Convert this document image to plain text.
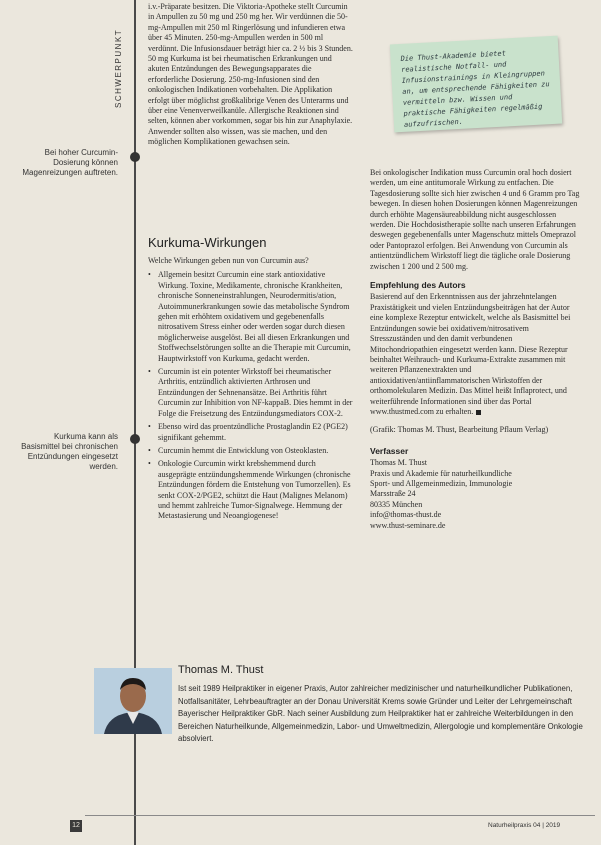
SCHWERPUNKT
Bei hoher Curcumin-Dosierung können Magenreizungen auftreten.
Kurkuma kann als Basismittel bei chronischen Entzündungen eingesetzt werden.

i.v.-Präparate besitzen. Die Viktoria-Apotheke stellt Curcumin in Ampullen zu 50 mg und 250 mg her. Wir verdünnen die 50-mg-Ampullen mit 250 ml Ringerlösung und infundieren etwa über 45 Minuten. 250-mg-Ampullen werden in 500 ml verdünnt. Die Infusionsdauer beträgt hier ca. 2 ½ bis 3 Stunden. 50 mg Kurkuma ist bei rheumatischen Erkrankungen und akuten Entzündungen des Bewegungsapparates die erforderliche Dosierung. 250-mg-Infusionen sind den onkologischen Indikationen vorbehalten. Die Applikation erfolgt über möglichst großkalibrige Venen des Unterarms und über eine Venenverweilkanüle. Allergische Reaktionen sind selten, können aber vorkommen, sogar bis hin zur Anaphylaxie. Anwender sollten also wissen, was sie machen, und den möglichen Komplikationen gewachsen sein.

Kurkuma-Wirkungen

Welche Wirkungen geben nun von Curcumin aus?

• Allgemein besitzt Curcumin eine stark antioxidative Wirkung. Toxine, Medikamente, chronische Krankheiten, chronische Sonneneinstrahlungen, Neurodermitis/ation, Autoimmunerkrankungen sowie das metabolische Syndrom gehen mit erhöhtem oxidativem und gegebenenfalls nitrosativem Stress einher oder werden sogar durch diesen möglicherweise ausgelöst. Bei all diesen Erkrankungen und Stoffwechselstörungen sollte an die Therapie mit Curcumin, Hauptwirkstoff von Kurkuma, gedacht werden.
• Curcumin ist ein potenter Wirkstoff bei rheumatischer Arthritis, entzündlich aktivierten Arthrosen und Entzündungen der Sehnenansätze. Bei Arthritis führt Curcumin zur Inhibition von NF-kappaB. Dies hemmt in der Folge die Freisetzung des Entzündungsmediators COX-2.
• Ebenso wird das proentzündliche Prostaglandin E2 (PGE2) signifikant gehemmt.
• Curcumin hemmt die Entwicklung von Osteoklasten.
• Onkologie Curcumin wirkt krebshemmend durch ausgeprägte entzündungshemmende Wirkungen (chronische Entzündungen fördern die Entstehung von Tumorzellen). Es senkt COX-2/PGE2, schützt die Haut (Malignes Melanom) und hemmt zahlreiche Tumor-Signalwege. Hemmung der Metastasierung und Neoangiogenese!
Die Thust-Akademie bietet realistische Notfall- und Infusionstrainings in Kleingruppen an, um entsprechende Fähigkeiten zu vermitteln bzw. Wissen und praktische Fähigkeiten regelmäßig aufzufrischen.

Bei onkologischer Indikation muss Curcumin oral hoch dosiert werden, um eine antitumorale Wirkung zu entfachen. Die Tagesdosierung sollte sich hier zwischen 4 und 6 Gramm pro Tag bewegen. In diesen hohen Dosierungen können Magenreizungen durch erhöhte Magensäureabbildung nicht ausgeschlossen werden. Die Hochdosistherapie sollte nach unseren Erfahrungen deswegen gegebenenfalls unter Magenschutz mittels Omeprazol oder Pantoprazol erfolgen. Bei Anwendung von Curcumin als antientzündlichem Wirkstoff liegt die tägliche orale Dosierung zwischen 1 200 und 2 500 mg.

Empfehlung des Autors

Basierend auf den Erkenntnissen aus der jahrzehntelangen Praxistätigkeit und vielen Entzündungsbeiträgen hat der Autor eine komplexe Rezeptur entwickelt, welche als Basismittel bei Entzündungen sowie bei oxidativem/nitrosativem Stresszuständen und den damit verbundenen Mitochondriopathien eingesetzt werden kann. Diese Rezeptur beinhaltet Weihrauch- und Kurkuma-Extrakte zusammen mit weiteren Pflanzenextrakten und antioxidativen/antiinflammatorischen Wirkstoffen der orthomolekularen Medizin. Das Mittel heißt Inflaprotect, und weiterführende Informationen sind über das Portal www.thustmed.com zu erhalten.

(Grafik: Thomas M. Thust, Bearbeitung Pflaum Verlag)

Verfasser

Thomas M. Thust

Praxis und Akademie für naturheilkundliche

Sport- und Allgemeinmedizin, Immunologie

Marsstraße 24

80335 München

info@thomas-thust.de

www.thust-seminare.de

Thomas M. Thust
Ist seit 1989 Heilpraktiker in eigener Praxis, Autor zahlreicher medizinischer und naturheilkundlicher Publikationen, Notfallsanitäter, Lehrbeauftragter an der Donau Universität Krems sowie Gründer und Leiter der Lehrgemeinschaft Bayerischer Heilpraktiker GbR. Nach seiner Ausbildung zum Heilpraktiker hat er zahlreiche Weiterbildungen in den Bereichen Naturheilkunde, Allgemeinmedizin, Labor- und Umweltmedizin, Allergologie und komplementäre Onkologie absolviert.
12	Naturheilpraxis 04 | 2019
